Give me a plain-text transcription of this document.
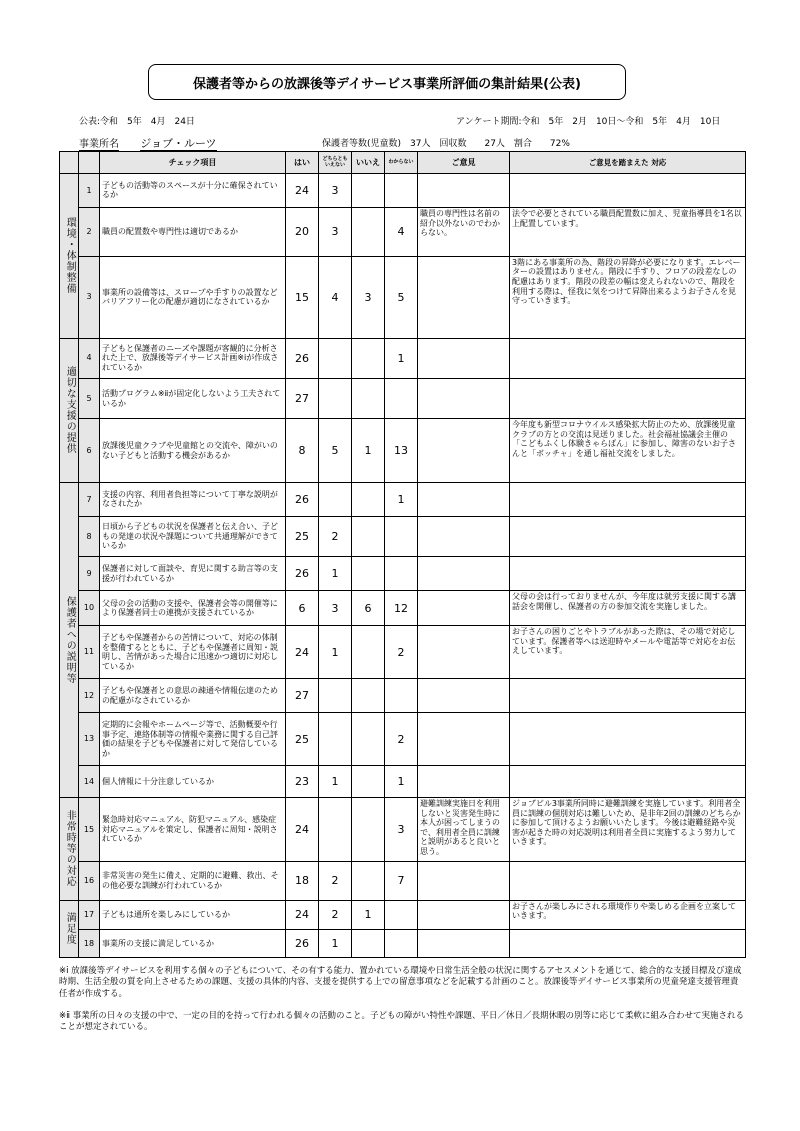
保護者等からの放課後等デイサービス事業所評価の集計結果(公表)
公表:令和　5年　4月　24日	アンケート期間:令和　5年　2月　10日～令和　5年　4月　10日
事業所名 ジョブ・ルーツ	保護者等数(児童数)　37人　回収数　　27人　割合　　72%
		チェック項目	はい	どちらとも いえない	いいえ	わからない	ご意見	ご意見を踏まえた 対応
環境・体制整備	1	子どもの活動等のスペースが十分に確保されているか	24	3				
	2	職員の配置数や専門性は適切であるか	20	3		4	職員の専門性は名前の紹介以外ないのでわからない。	法令で必要とされている職員配置数に加え、児童指導員を1名以上配置しています。
	3	事業所の設備等は、スロープや手すりの設置などバリアフリー化の配慮が適切になされているか	15	4	3	5		3階にある事業所の為、階段の昇降が必要になります。エレベーターの設置はありません。階段に手すり、フロアの段差なしの配慮はあります。階段の段差の幅は変えられないので、階段を利用する際は、怪我に気をつけて昇降出来るようお子さんを見守っていきます。
適切な支援の提供	4	子どもと保護者のニーズや課題が客観的に分析された上で、放課後等デイサービス計画※ⅰが作成されているか	26			1		
	5	活動プログラム※ⅱが固定化しないよう工夫されているか	27					
	6	放課後児童クラブや児童館との交流や、障がいのない子どもと活動する機会があるか	8	5	1	13		今年度も新型コロナウイルス感染拡大防止のため、放課後児童クラブの方との交流は見送りました。社会福祉協議会主催の「こどもふくし体験きゃらばん」に参加し、障害のないお子さんと「ボッチャ」を通し福祉交流をしました。
保護者への説明等	7	支援の内容、利用者負担等について丁寧な説明がなされたか	26			1		
	8	日頃から子どもの状況を保護者と伝え合い、子どもの発達の状況や課題について共通理解ができているか	25	2				
	9	保護者に対して面談や、育児に関する助言等の支援が行われているか	26	1				
	10	父母の会の活動の支援や、保護者会等の開催等により保護者同士の連携が支援されているか	6	3	6	12		父母の会は行っておりませんが、今年度は就労支援に関する講話会を開催し、保護者の方の参加交流を実施しました。
	11	子どもや保護者からの苦情について、対応の体制を整備するとともに、子どもや保護者に周知・説明し、苦情があった場合に迅速かつ適切に対応しているか	24	1		2		お子さんの困りごとやトラブルがあった際は、その場で対応しています。保護者等へは送迎時やメールや電話等で対応をお伝えしています。
	12	子どもや保護者との意思の疎通や情報伝達のための配慮がなされているか	27					
	13	定期的に会報やホームページ等で、活動概要や行事予定、連絡体制等の情報や業務に関する自己評価の結果を子どもや保護者に対して発信しているか	25			2		
	14	個人情報に十分注意しているか	23	1		1		
非常時等の対応	15	緊急時対応マニュアル、防犯マニュアル、感染症対応マニュアルを策定し、保護者に周知・説明されているか	24			3	避難訓練実施日を利用しないと災害発生時に本人が困ってしまうので、利用者全員に訓練と説明があると良いと思う。	ジョブビル3事業所同時に避難訓練を実施しています。利用者全員に訓練の個別対応は難しいため、是非年2回の訓練のどちらかに参加して頂けるようお願いいたします。今後は避難経路や災害が起きた時の対応説明は利用者全員に実施するよう努力していきます。
	16	非常災害の発生に備え、定期的に避難、救出、その他必要な訓練が行われているか	18	2		7		
満足度	17	子どもは通所を楽しみにしているか	24	2	1			お子さんが楽しみにされる環境作りや楽しめる企画を立案していきます。
	18	事業所の支援に満足しているか	26	1				
※ⅰ 放課後等デイサービスを利用する個々の子どもについて、その有する能力、置かれている環境や日常生活全般の状況に関するアセスメントを通じて、総合的な支援目標及び達成時期、生活全般の質を向上させるための課題、支援の具体的内容、支援を提供する上での留意事項などを記載する計画のこと。放課後等デイサービス事業所の児童発達支援管理責任者が作成する。
※ⅱ 事業所の日々の支援の中で、一定の目的を持って行われる個々の活動のこと。子どもの障がい特性や課題、平日／休日／長期休暇の別等に応じて柔軟に組み合わせて実施されることが想定されている。
